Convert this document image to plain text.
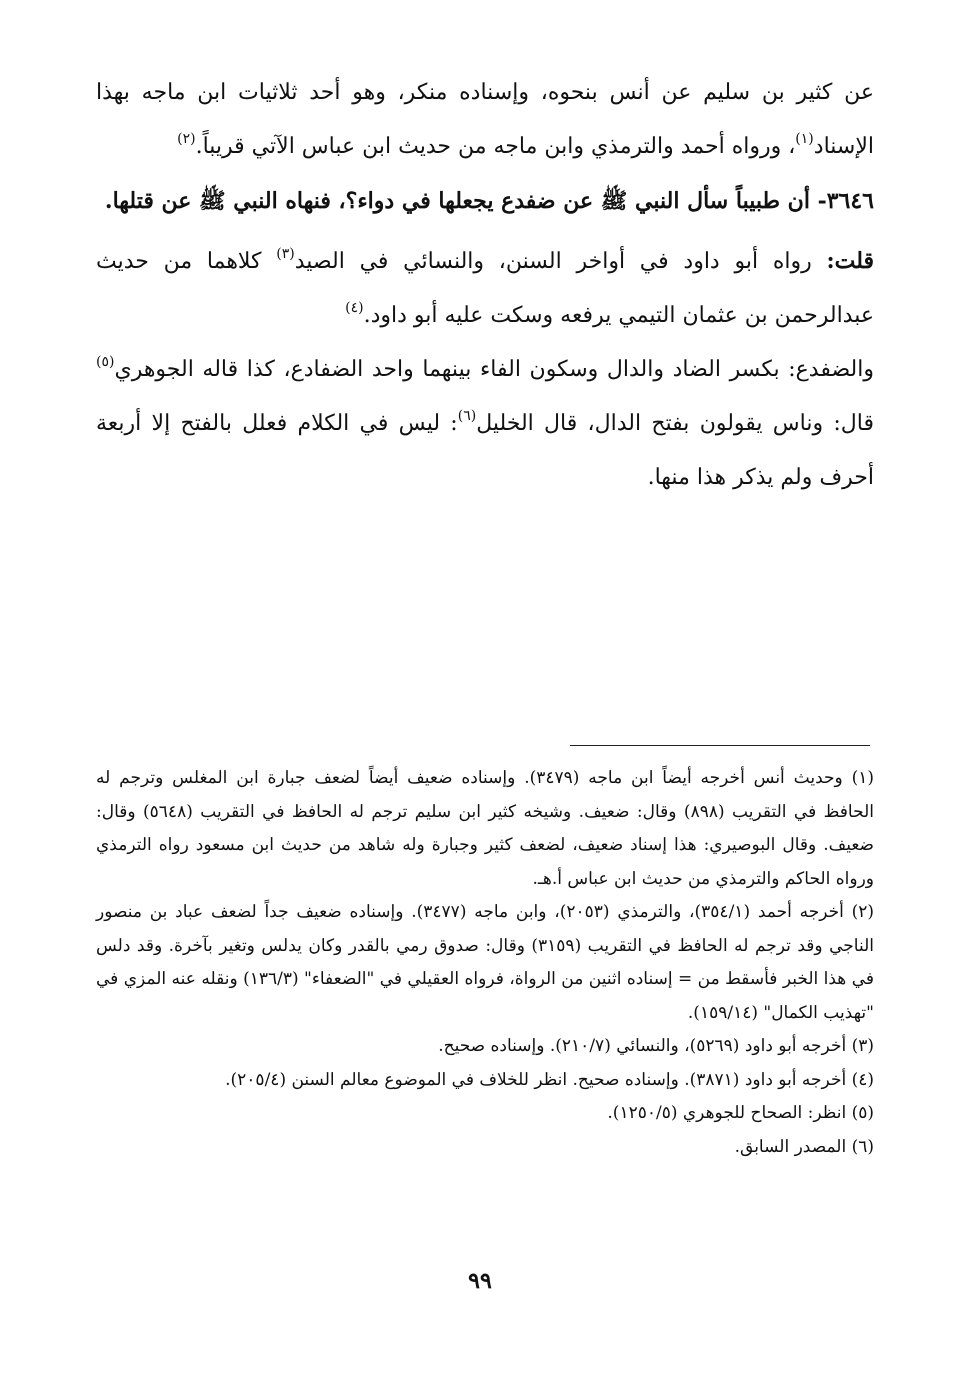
عن كثير بن سليم عن أنس بنحوه، وإسناده منكر، وهو أحد ثلاثيات ابن ماجه بهذا الإسناد$^{(١)}$، ورواه أحمد والترمذي وابن ماجه من حديث ابن عباس الآتي قريباً.$^{(٢)}$

٣٦٤٦- أن طبيباً سأل النبي ﷺ عن ضفدع يجعلها في دواء؟، فنهاه النبي ﷺ عن قتلها.

قلت: رواه أبو داود في أواخر السنن، والنسائي في الصيد$^{(٣)}$ كلاهما من حديث عبدالرحمن بن عثمان التيمي يرفعه وسكت عليه أبو داود.$^{(٤)}$

والضفدع: بكسر الضاد والدال وسكون الفاء بينهما واحد الضفادع، كذا قاله الجوهري$^{(٥)}$ قال: وناس يقولون بفتح الدال، قال الخليل$^{(٦)}$: ليس في الكلام فعلل بالفتح إلا أربعة أحرف ولم يذكر هذا منها.

(١) وحديث أنس أخرجه أيضاً ابن ماجه (٣٤٧٩). وإسناده ضعيف أيضاً لضعف جبارة ابن المغلس وترجم له الحافظ في التقريب (٨٩٨) وقال: ضعيف. وشيخه كثير ابن سليم ترجم له الحافظ في التقريب (٥٦٤٨) وقال: ضعيف. وقال البوصيري: هذا إسناد ضعيف، لضعف كثير وجبارة وله شاهد من حديث ابن مسعود رواه الترمذي ورواه الحاكم والترمذي من حديث ابن عباس أ.هـ.

(٢) أخرجه أحمد (٣٥٤/١)، والترمذي (٢٠٥٣)، وابن ماجه (٣٤٧٧). وإسناده ضعيف جداً لضعف عباد بن منصور الناجي وقد ترجم له الحافظ في التقريب (٣١٥٩) وقال: صدوق رمي بالقدر وكان يدلس وتغير بآخرة. وقد دلس في هذا الخبر فأسقط من = إسناده اثنين من الرواة، فرواه العقيلي في "الضعفاء" (١٣٦/٣) ونقله عنه المزي في "تهذيب الكمال" (١٥٩/١٤).

(٣) أخرجه أبو داود (٥٢٦٩)، والنسائي (٢١٠/٧). وإسناده صحيح.

(٤) أخرجه أبو داود (٣٨٧١). وإسناده صحيح. انظر للخلاف في الموضوع معالم السنن (٢٠٥/٤).

(٥) انظر: الصحاح للجوهري (١٢٥٠/٥).

(٦) المصدر السابق.

٩٩
